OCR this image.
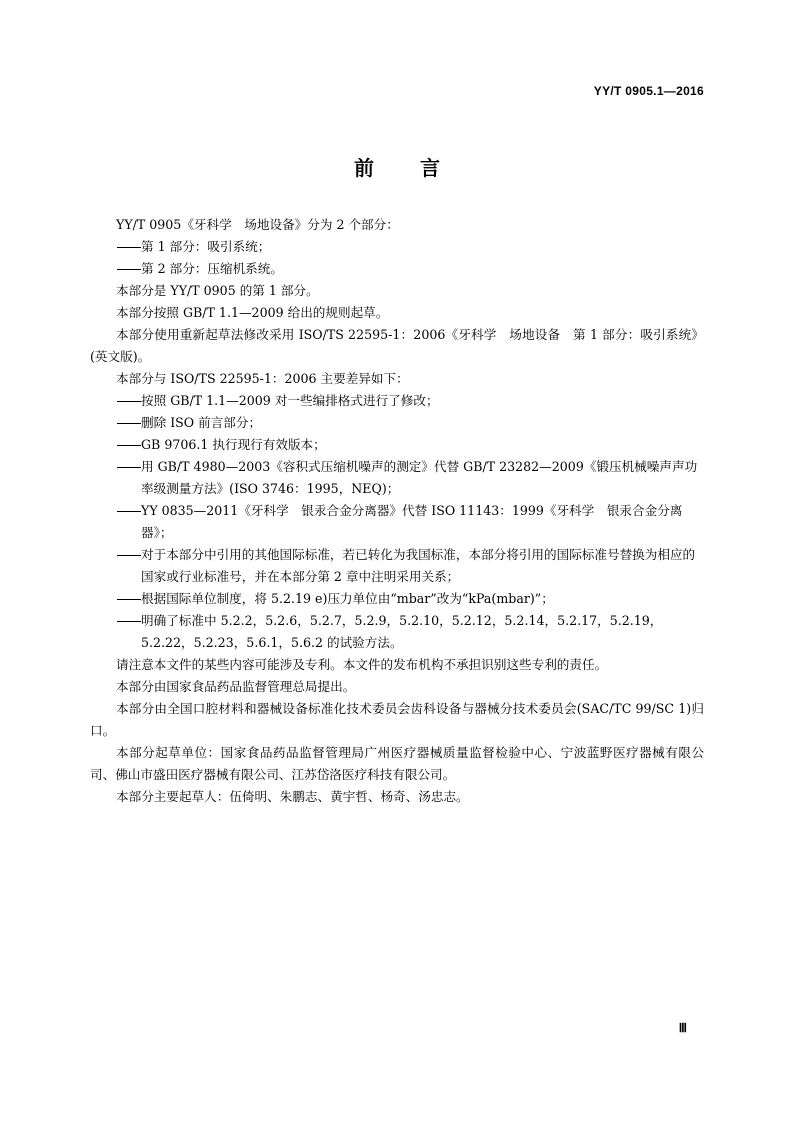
YY/T 0905.1—2016
前 言

YY/T 0905《牙科学　场地设备》分为 2 个部分：

第 1 部分：吸引系统；

第 2 部分：压缩机系统。

本部分是 YY/T 0905 的第 1 部分。

本部分按照 GB/T 1.1—2009 给出的规则起草。

本部分使用重新起草法修改采用 ISO/TS 22595-1：2006《牙科学　场地设备　第 1 部分：吸引系统》(英文版)。

本部分与 ISO/TS 22595-1：2006 主要差异如下：

按照 GB/T 1.1—2009 对一些编排格式进行了修改；

删除 ISO 前言部分；

GB 9706.1 执行现行有效版本；

用 GB/T 4980—2003《容积式压缩机噪声的测定》代替 GB/T 23282—2009《锻压机械噪声声功率级测量方法》(ISO 3746：1995，NEQ)；

YY 0835—2011《牙科学　银汞合金分离器》代替 ISO 11143：1999《牙科学　银汞合金分离器》；

对于本部分中引用的其他国际标准，若已转化为我国标准，本部分将引用的国际标准号替换为相应的国家或行业标准号，并在本部分第 2 章中注明采用关系；

根据国际单位制度，将 5.2.19 e)压力单位由“mbar”改为“kPa(mbar)”；

明确了标准中 5.2.2，5.2.6，5.2.7，5.2.9，5.2.10，5.2.12，5.2.14，5.2.17，5.2.19，5.2.22，5.2.23，5.6.1，5.6.2 的试验方法。

请注意本文件的某些内容可能涉及专利。本文件的发布机构不承担识别这些专利的责任。

本部分由国家食品药品监督管理总局提出。

本部分由全国口腔材料和器械设备标准化技术委员会齿科设备与器械分技术委员会(SAC/TC 99/SC 1)归口。

本部分起草单位：国家食品药品监督管理局广州医疗器械质量监督检验中心、宁波蓝野医疗器械有限公司、佛山市盛田医疗器械有限公司、江苏岱洛医疗科技有限公司。

本部分主要起草人：伍倚明、朱鹏志、黄宇哲、杨奇、汤忠志。

Ⅲ
